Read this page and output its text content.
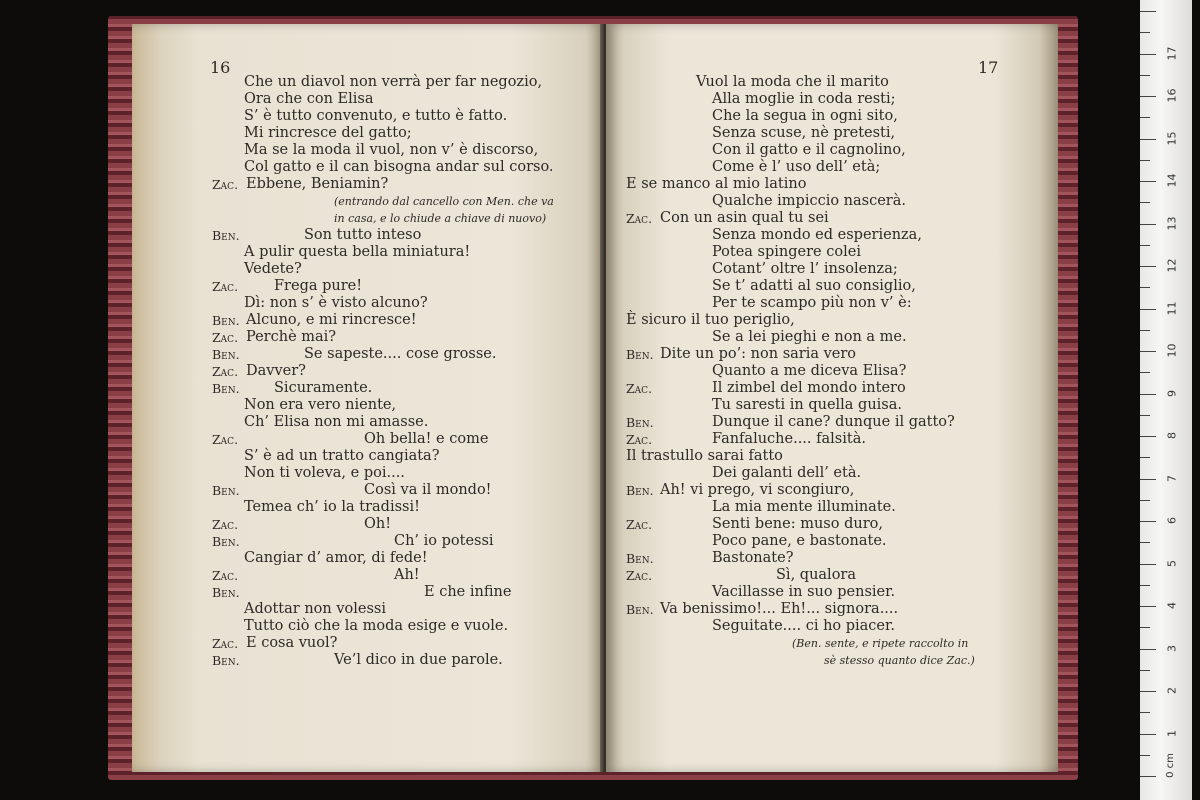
16
Che un diavol non verrà per far negozio,
Ora che con Elisa
S’ è tutto convenuto, e tutto è fatto.
Mi rincresce del gatto;
Ma se la moda il vuol, non v’ è discorso,
Col gatto e il can bisogna andar sul corso.
Zac. Ebbene, Beniamin?
(entrando dal cancello con Men. che va
in casa, e lo chiude a chiave di nuovo)
Ben.	Son tutto inteso
A pulir questa bella miniatura!
Vedete?
Zac. Frega pure!
Dì: non s’ è visto alcuno?
Ben. Alcuno, e mi rincresce!
Zac. Perchè mai?
Ben.	Se sapeste.... cose grosse.
Zac. Davver?
Ben. Sicuramente.
Non era vero niente,
Ch’ Elisa non mi amasse.
Zac.	Oh bella! e come
S’ è ad un tratto cangiata?
Non ti voleva, e poi....
Ben.	Così va il mondo!
Temea ch’ io la tradissi!
Zac.	Oh!
Ben.	Ch’ io potessi
Cangiar d’ amor, di fede!
Zac.	Ah!
Ben.	E che infine
Adottar non volessi
Tutto ciò che la moda esige e vuole.
Zac. E cosa vuol?
Ben.	Ve’l dico in due parole.
17
Vuol la moda che il marito
Alla moglie in coda resti;
Che la segua in ogni sito,
Senza scuse, nè pretesti,
Con il gatto e il cagnolino,
Come è l’ uso dell’ età;
E se manco al mio latino
Qualche impiccio nascerà.
Zac. Con un asin qual tu sei
Senza mondo ed esperienza,
Potea spingere colei
Cotant’ oltre l’ insolenza;
Se t’ adatti al suo consiglio,
Per te scampo più non v’ è:
È sicuro il tuo periglio,
Se a lei pieghi e non a me.
Ben. Dite un po’: non saria vero
Quanto a me diceva Elisa?
Zac.	Il zimbel del mondo intero
Tu saresti in quella guisa.
Ben.	Dunque il cane? dunque il gatto?
Zac.	Fanfaluche.... falsità.
Il trastullo sarai fatto
Dei galanti dell’ età.
Ben. Ah! vi prego, vi scongiuro,
La mia mente illuminate.
Zac.	Senti bene: muso duro,
Poco pane, e bastonate.
Ben.	Bastonate?
Zac.	Sì, qualora
Vacillasse in suo pensier.
Ben. Va benissimo!... Eh!... signora....
Seguitate.... ci ho piacer.
(Ben. sente, e ripete raccolto in
sè stesso quanto dice Zac.)
0 cm
1
2
3
4
5
6
7
8
9
10
11
12
13
14
15
16
17
